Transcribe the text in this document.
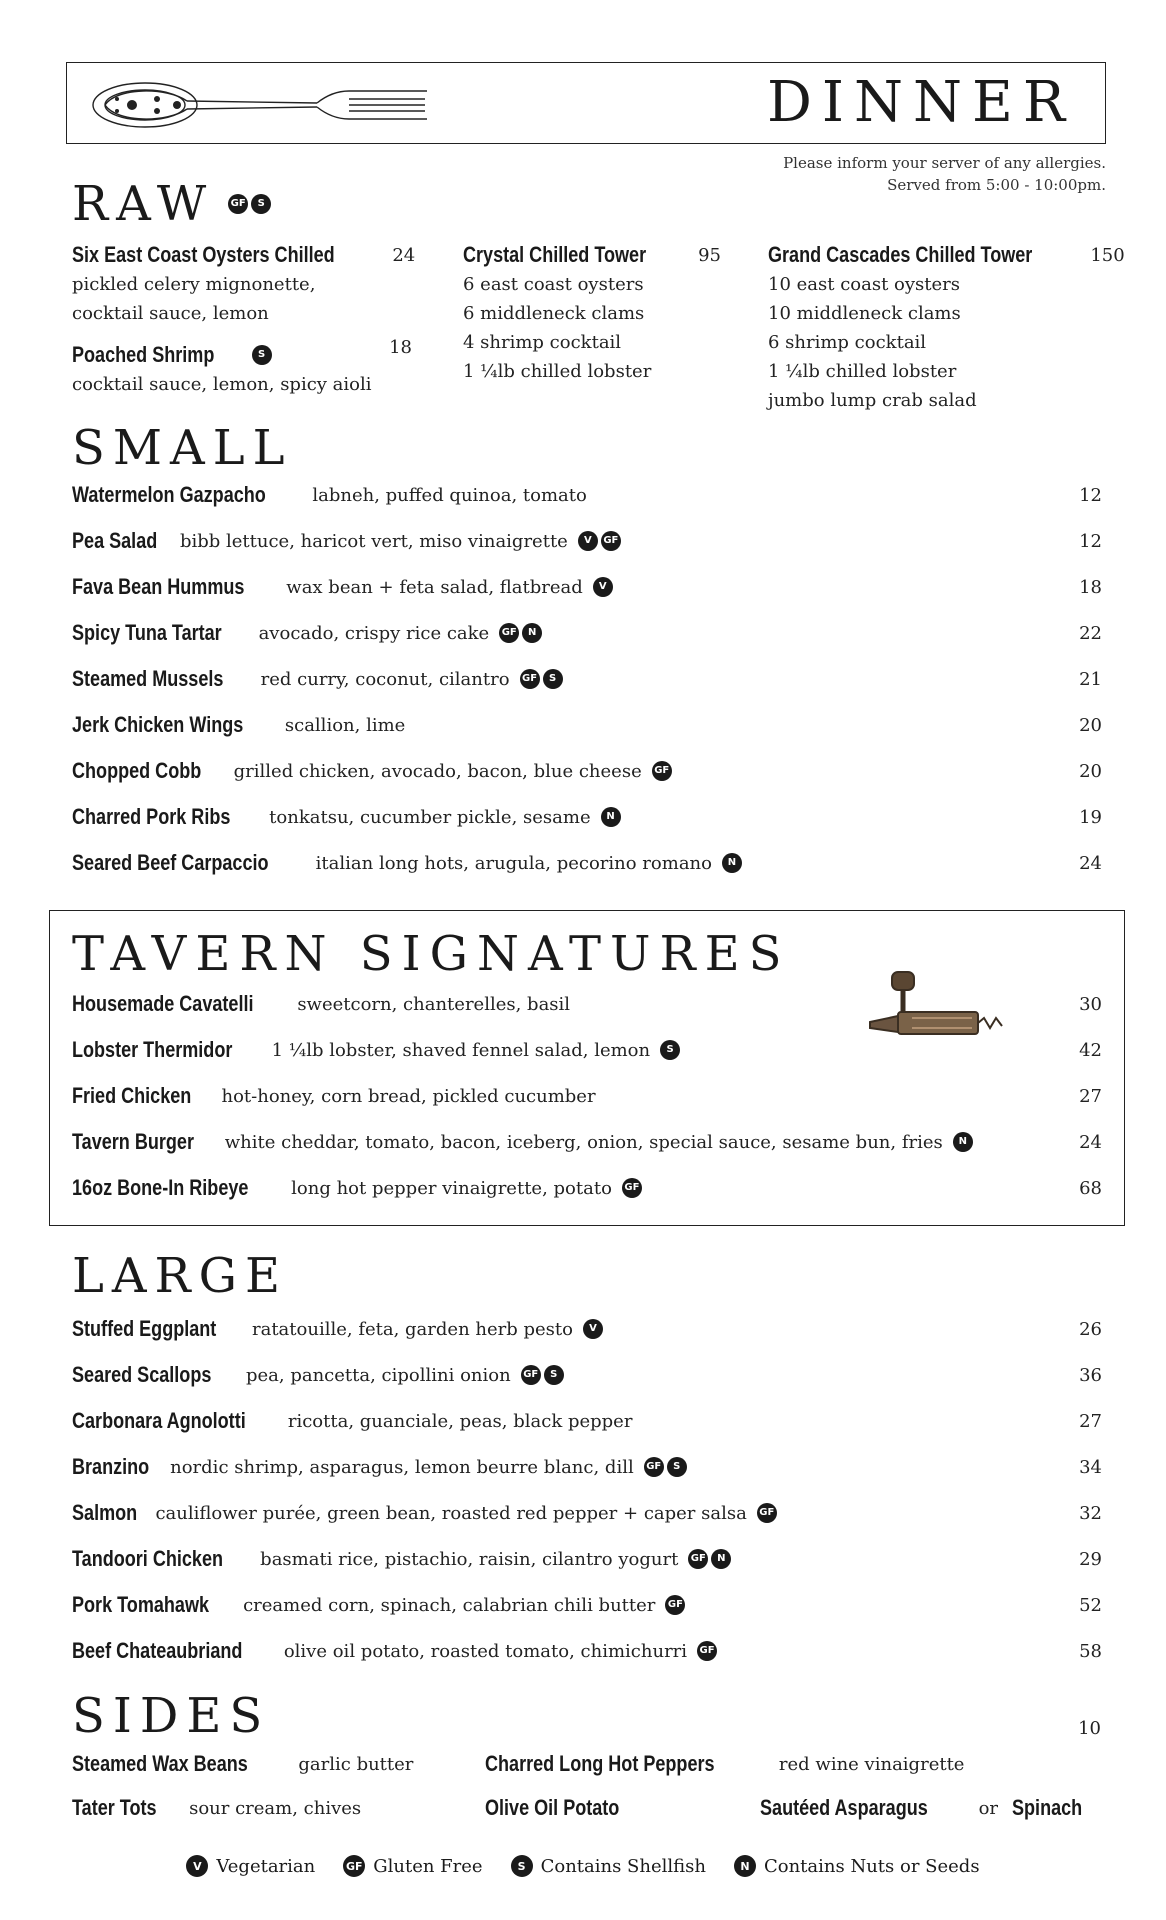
DINNER
Please inform your server of any allergies.
Served from 5:00 - 10:00pm.
RAW GF	S
Six East Coast Oysters Chilled	24
pickled celery mignonette,
cocktail sauce, lemon
Poached Shrimp	S	18
cocktail sauce, lemon, spicy aioli
Crystal Chilled Tower	95
6 east coast oysters
6 middleneck clams
4 shrimp cocktail
1 ¼lb chilled lobster
Grand Cascades Chilled Tower	150
10 east coast oysters
10 middleneck clams
6 shrimp cocktail
1 ¼lb chilled lobster
jumbo lump crab salad
SMALL
Watermelon Gazpacho	labneh, puffed quinoa, tomato	12
Pea Salad bibb lettuce, haricot vert, miso vinaigrette	V	GF	12
Fava Bean Hummus wax bean + feta salad, flatbread	V	18
Spicy Tuna Tartar avocado, crispy rice cake GF	N	22
Steamed Mussels red curry, coconut, cilantro GF	S	21
Jerk Chicken Wings scallion, lime	20
Chopped Cobb grilled chicken, avocado, bacon, blue cheese GF	20
Charred Pork Ribs tonkatsu, cucumber pickle, sesame	N	19
Seared Beef Carpaccio	italian long hots, arugula, pecorino romano	N	24
TAVERN SIGNATURES
Housemade Cavatelli sweetcorn, chanterelles, basil	30
Lobster Thermidor 1 ¼lb lobster, shaved fennel salad, lemon	S	42
Fried Chicken hot-honey, corn bread, pickled cucumber	27
Tavern Burger white cheddar, tomato, bacon, iceberg, onion, special sauce, sesame bun, fries	N	24
16oz Bone-In Ribeye long hot pepper vinaigrette, potato GF	68
LARGE
Stuffed Eggplant ratatouille, feta, garden herb pesto	V	26
Seared Scallops pea, pancetta, cipollini onion GF	S	36
Carbonara Agnolotti ricotta, guanciale, peas, black pepper	27
Branzino nordic shrimp, asparagus, lemon beurre blanc, dill GF	S	34
Salmon cauliflower purée, green bean, roasted red pepper + caper salsa GF	32
Tandoori Chicken basmati rice, pistachio, raisin, cilantro yogurt GF	N	29
Pork Tomahawk creamed corn, spinach, calabrian chili butter GF	52
Beef Chateaubriand olive oil potato, roasted tomato, chimichurri GF	58
SIDES	10
Steamed Wax Beans	garlic butter	Charred Long Hot Peppers	red wine vinaigrette
Tater Tots sour cream, chives	Olive Oil Potato	Sautéed Asparagus	or Spinach
V Vegetarian	GF Gluten Free	S Contains Shellfish	N Contains Nuts or Seeds
